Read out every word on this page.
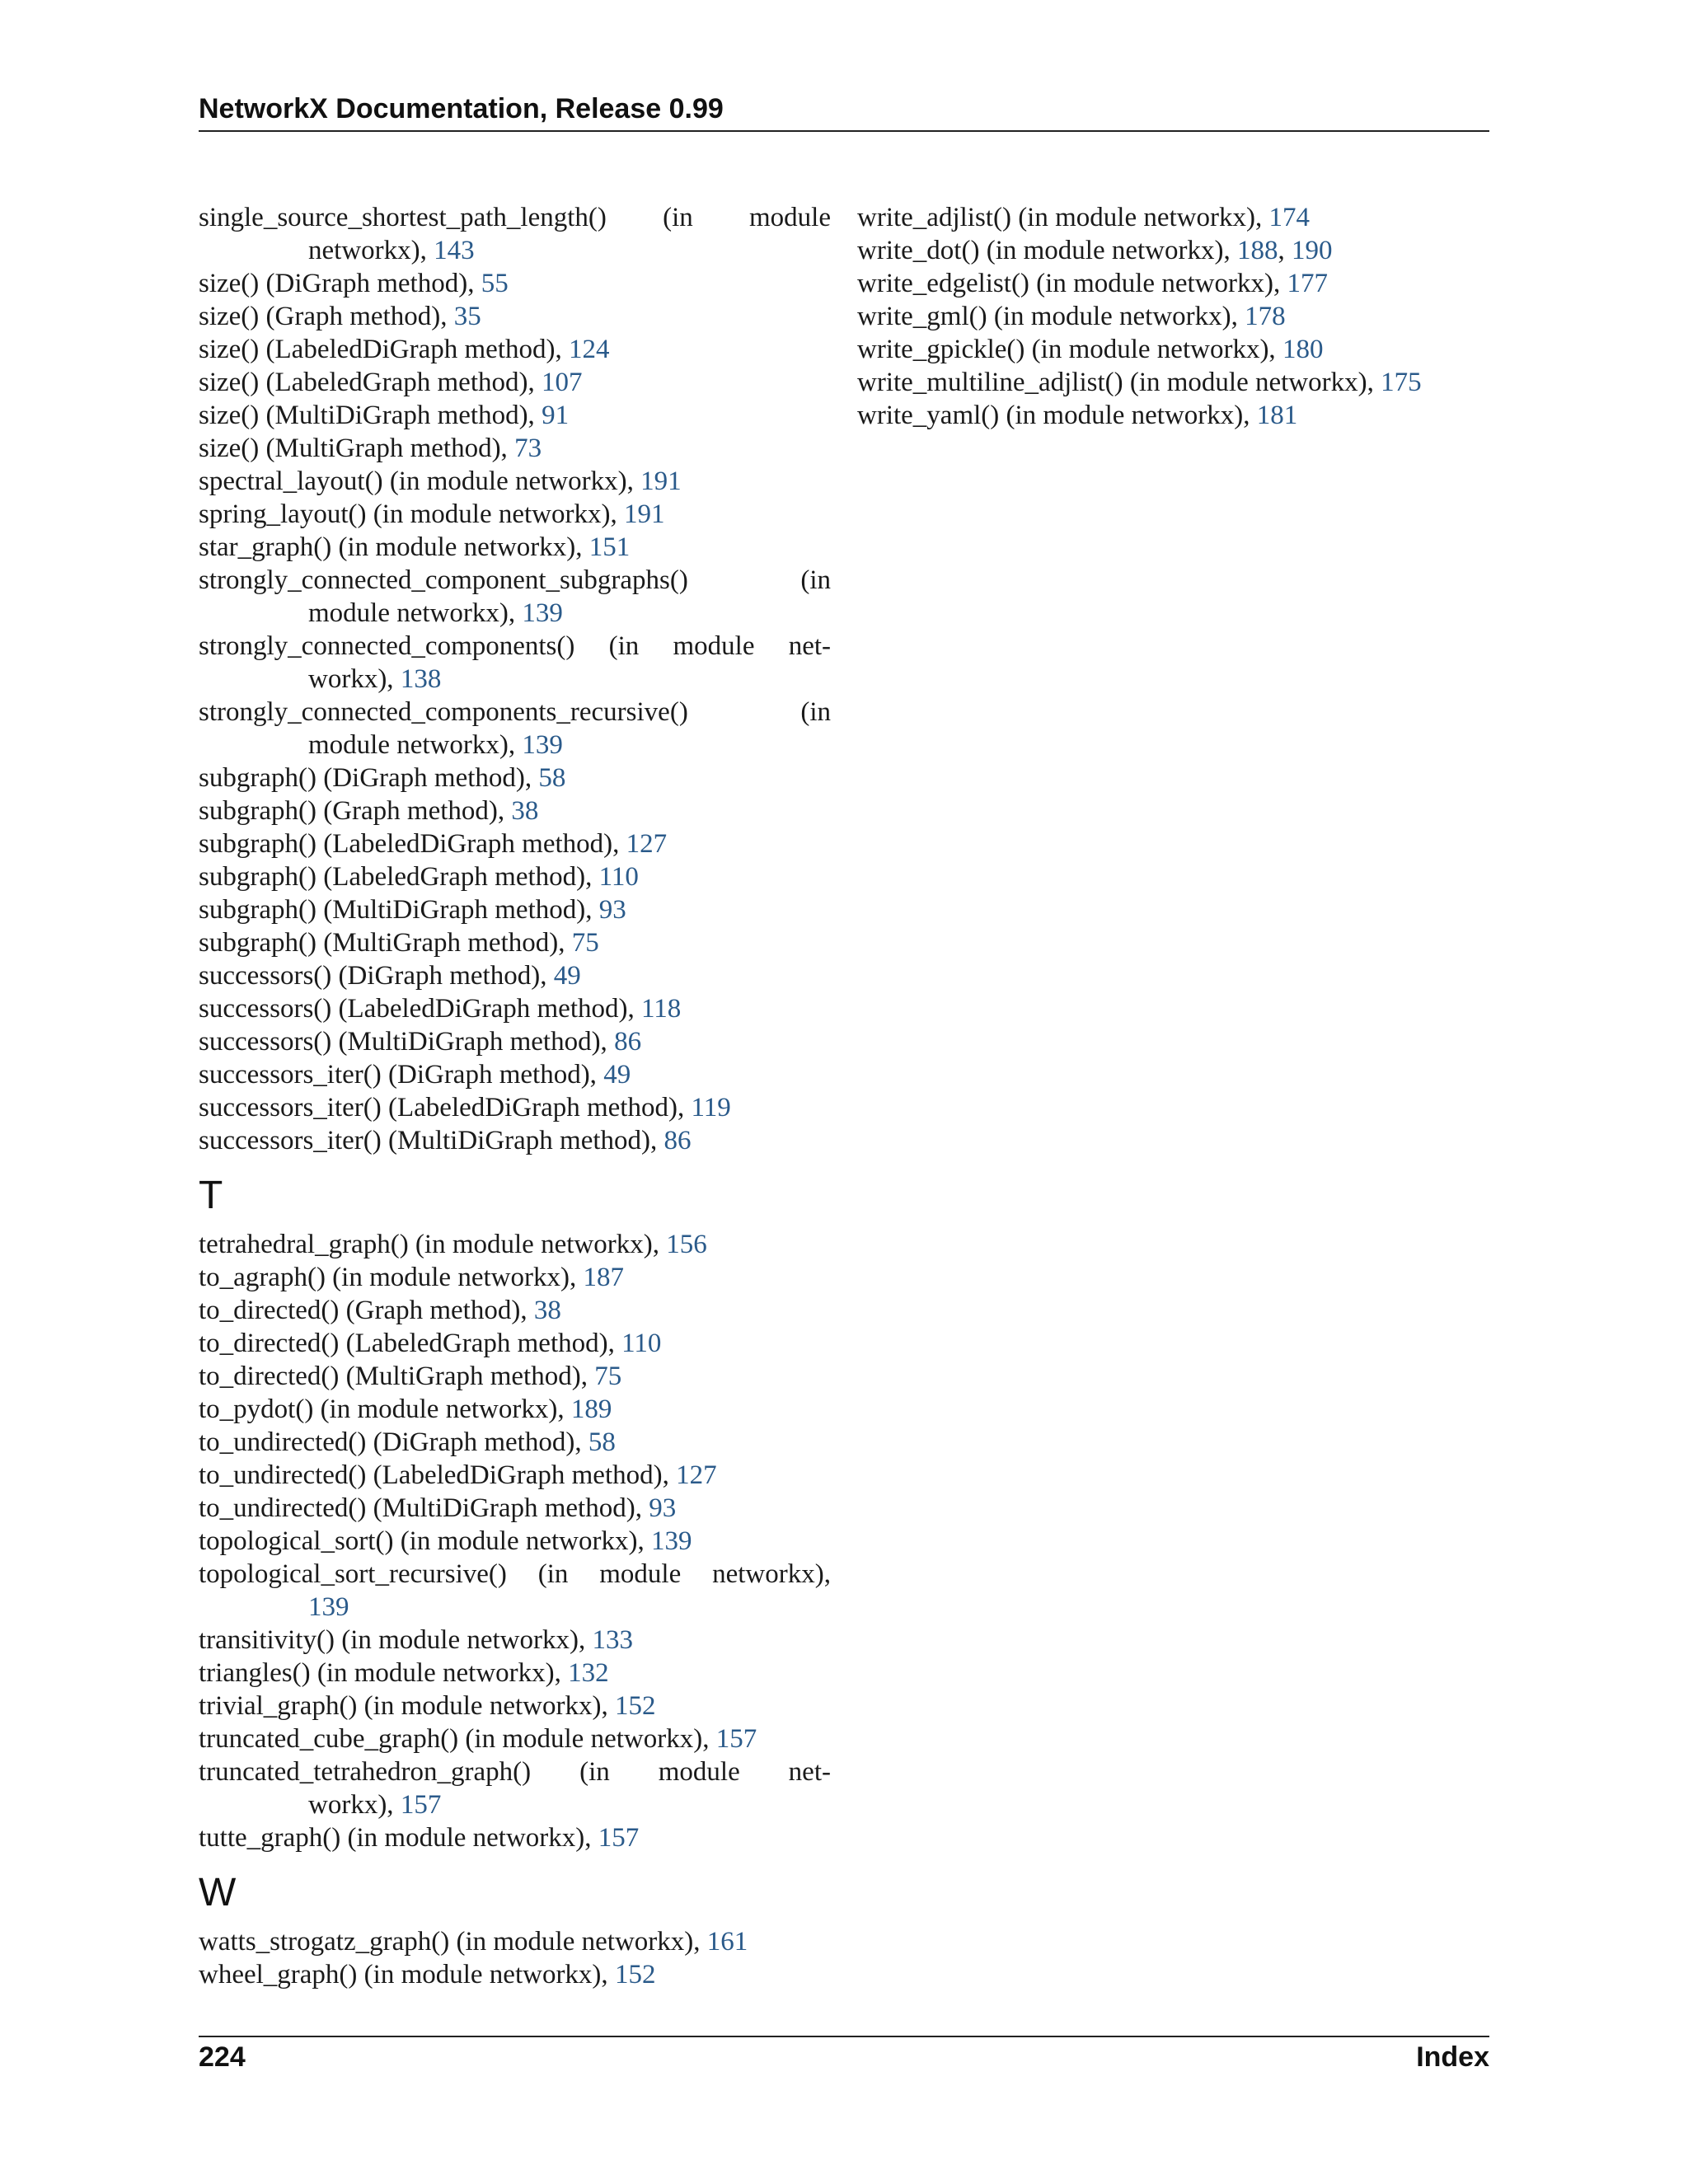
NetworkX Documentation, Release 0.99
single_source_shortest_path_length() (in module
networkx), 143
size() (DiGraph method), 55
size() (Graph method), 35
size() (LabeledDiGraph method), 124
size() (LabeledGraph method), 107
size() (MultiDiGraph method), 91
size() (MultiGraph method), 73
spectral_layout() (in module networkx), 191
spring_layout() (in module networkx), 191
star_graph() (in module networkx), 151
strongly_connected_component_subgraphs() (in
module networkx), 139
strongly_connected_components() (in module net-
workx), 138
strongly_connected_components_recursive() (in
module networkx), 139
subgraph() (DiGraph method), 58
subgraph() (Graph method), 38
subgraph() (LabeledDiGraph method), 127
subgraph() (LabeledGraph method), 110
subgraph() (MultiDiGraph method), 93
subgraph() (MultiGraph method), 75
successors() (DiGraph method), 49
successors() (LabeledDiGraph method), 118
successors() (MultiDiGraph method), 86
successors_iter() (DiGraph method), 49
successors_iter() (LabeledDiGraph method), 119
successors_iter() (MultiDiGraph method), 86
T
tetrahedral_graph() (in module networkx), 156
to_agraph() (in module networkx), 187
to_directed() (Graph method), 38
to_directed() (LabeledGraph method), 110
to_directed() (MultiGraph method), 75
to_pydot() (in module networkx), 189
to_undirected() (DiGraph method), 58
to_undirected() (LabeledDiGraph method), 127
to_undirected() (MultiDiGraph method), 93
topological_sort() (in module networkx), 139
topological_sort_recursive() (in module networkx),
139
transitivity() (in module networkx), 133
triangles() (in module networkx), 132
trivial_graph() (in module networkx), 152
truncated_cube_graph() (in module networkx), 157
truncated_tetrahedron_graph() (in module net-
workx), 157
tutte_graph() (in module networkx), 157
W
watts_strogatz_graph() (in module networkx), 161
wheel_graph() (in module networkx), 152
write_adjlist() (in module networkx), 174
write_dot() (in module networkx), 188, 190
write_edgelist() (in module networkx), 177
write_gml() (in module networkx), 178
write_gpickle() (in module networkx), 180
write_multiline_adjlist() (in module networkx), 175
write_yaml() (in module networkx), 181
224	Index
